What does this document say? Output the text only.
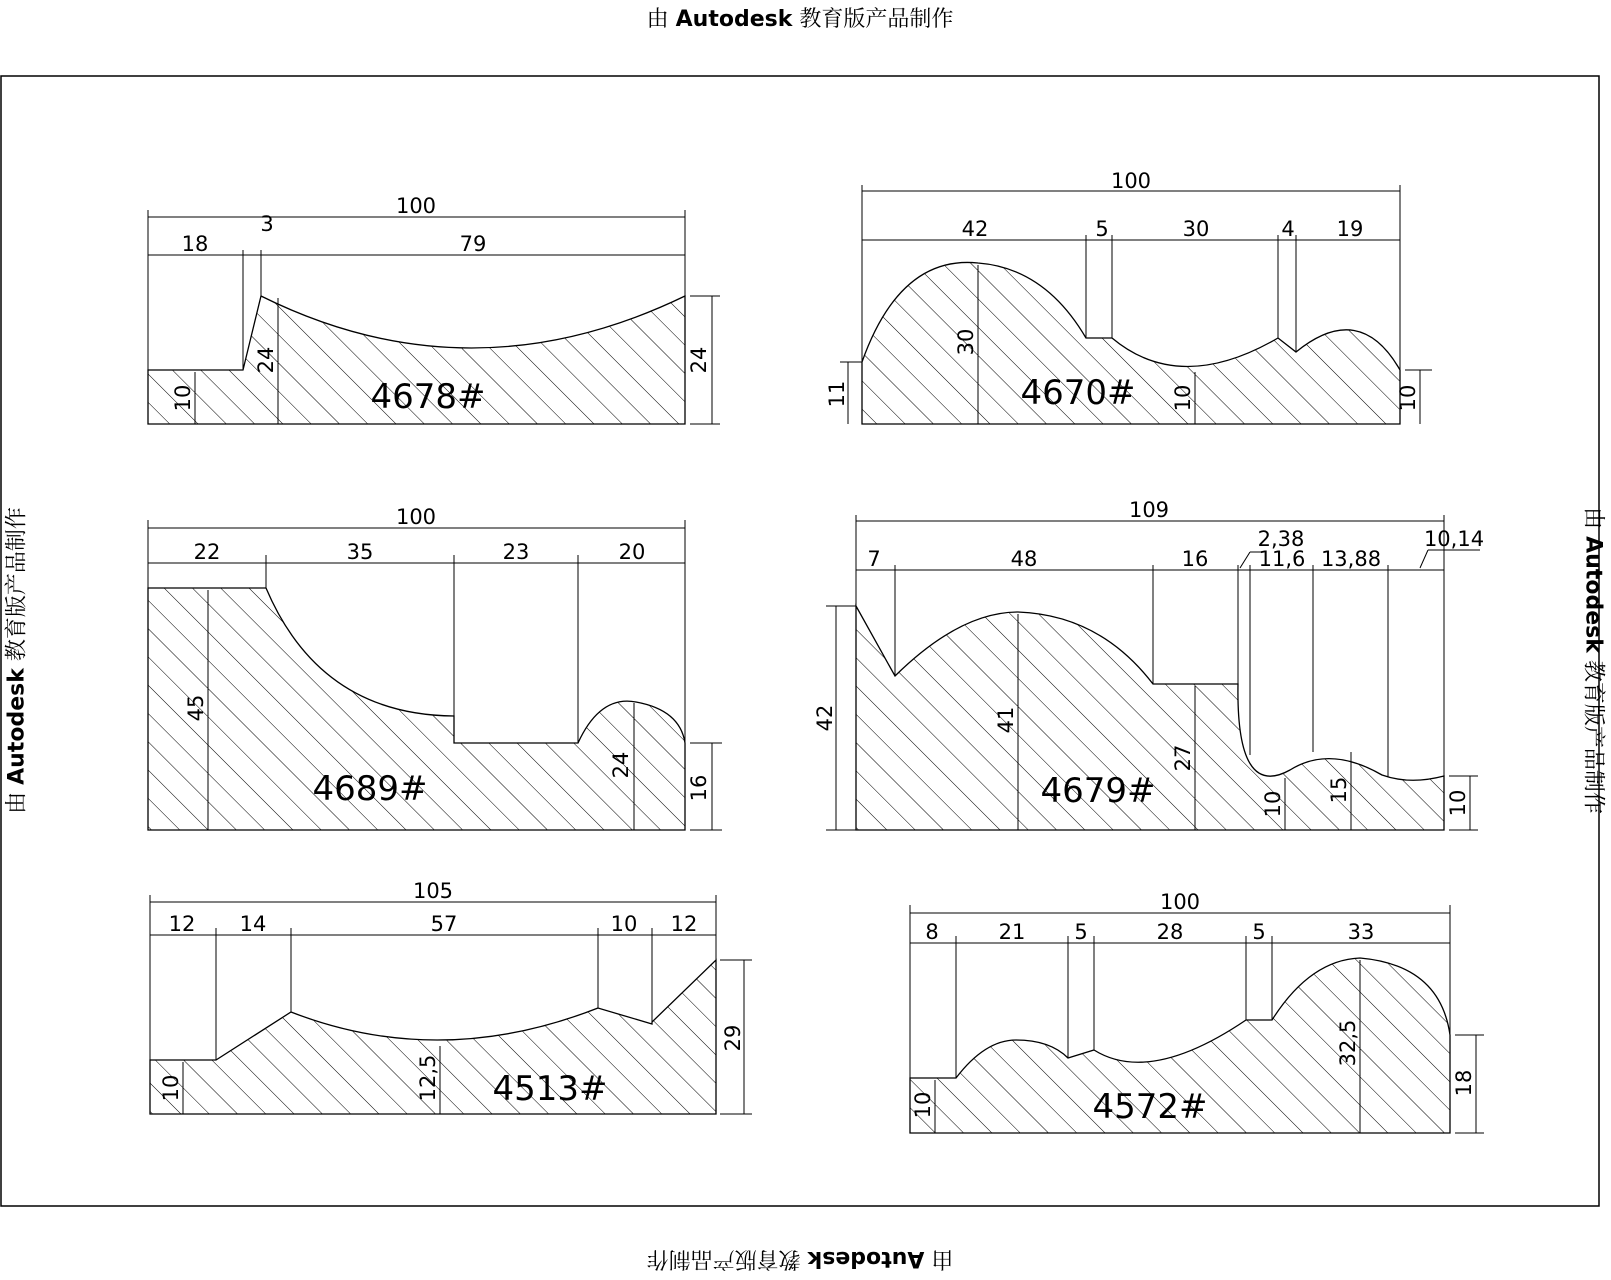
由 Autodesk 教育版产品制作
由 Autodesk 教育版产品制作
由 Autodesk 教育版产品制作	由 Autodesk 教育版产品制作
100
18
3
79
10
24	24
4678#
100
42	5	30	4 19
11
30
10	10
4670#
100
22	35	23	20
45
24
16
4689#
109
7	48	16
2,38
11,6 13,88
10,14
42	41
27
10
15	10
4679#
105
12 14	57	10 12
10	12,5
29
4513#
100
8	21 5	28	5	33
10
32,5
18
4572#
